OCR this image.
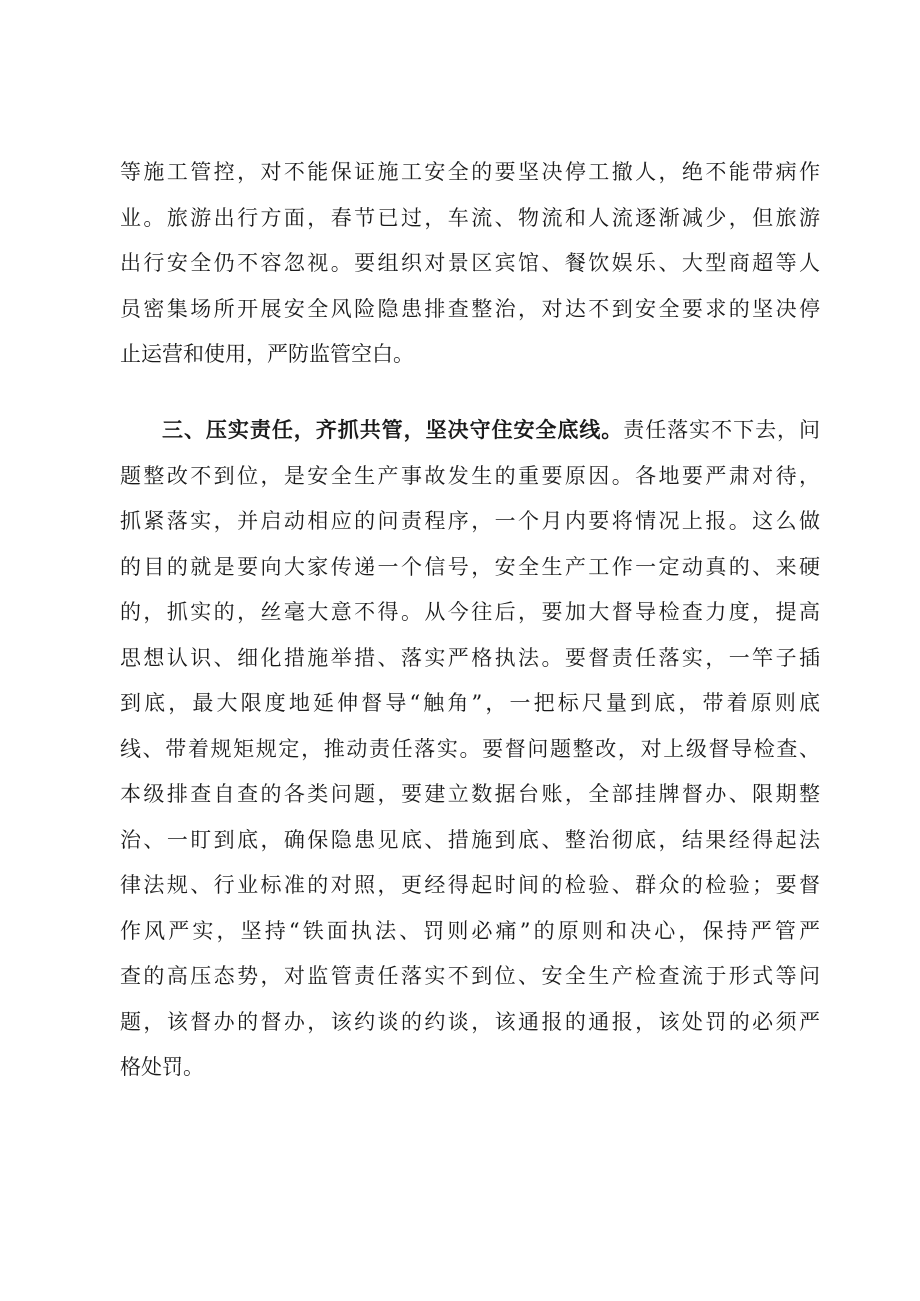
等施工管控，对不能保证施工安全的要坚决停工撤人，绝不能带病作
业。旅游出行方面，春节已过，车流、物流和人流逐渐减少，但旅游
出行安全仍不容忽视。要组织对景区宾馆、餐饮娱乐、大型商超等人
员密集场所开展安全风险隐患排查整治，对达不到安全要求的坚决停
止运营和使用，严防监管空白。
三、压实责任，齐抓共管，坚决守住安全底线。责任落实不下去，问
题整改不到位，是安全生产事故发生的重要原因。各地要严肃对待，
抓紧落实，并启动相应的问责程序，一个月内要将情况上报。这么做
的目的就是要向大家传递一个信号，安全生产工作一定动真的、来硬
的，抓实的，丝毫大意不得。从今往后，要加大督导检查力度，提高
思想认识、细化措施举措、落实严格执法。要督责任落实，一竿子插
到底，最大限度地延伸督导“触角”，一把标尺量到底，带着原则底
线、带着规矩规定，推动责任落实。要督问题整改，对上级督导检查、
本级排查自查的各类问题，要建立数据台账，全部挂牌督办、限期整
治、一盯到底，确保隐患见底、措施到底、整治彻底，结果经得起法
律法规、行业标准的对照，更经得起时间的检验、群众的检验；要督
作风严实，坚持“铁面执法、罚则必痛”的原则和决心，保持严管严
查的高压态势，对监管责任落实不到位、安全生产检查流于形式等问
题，该督办的督办，该约谈的约谈，该通报的通报，该处罚的必须严
格处罚。
